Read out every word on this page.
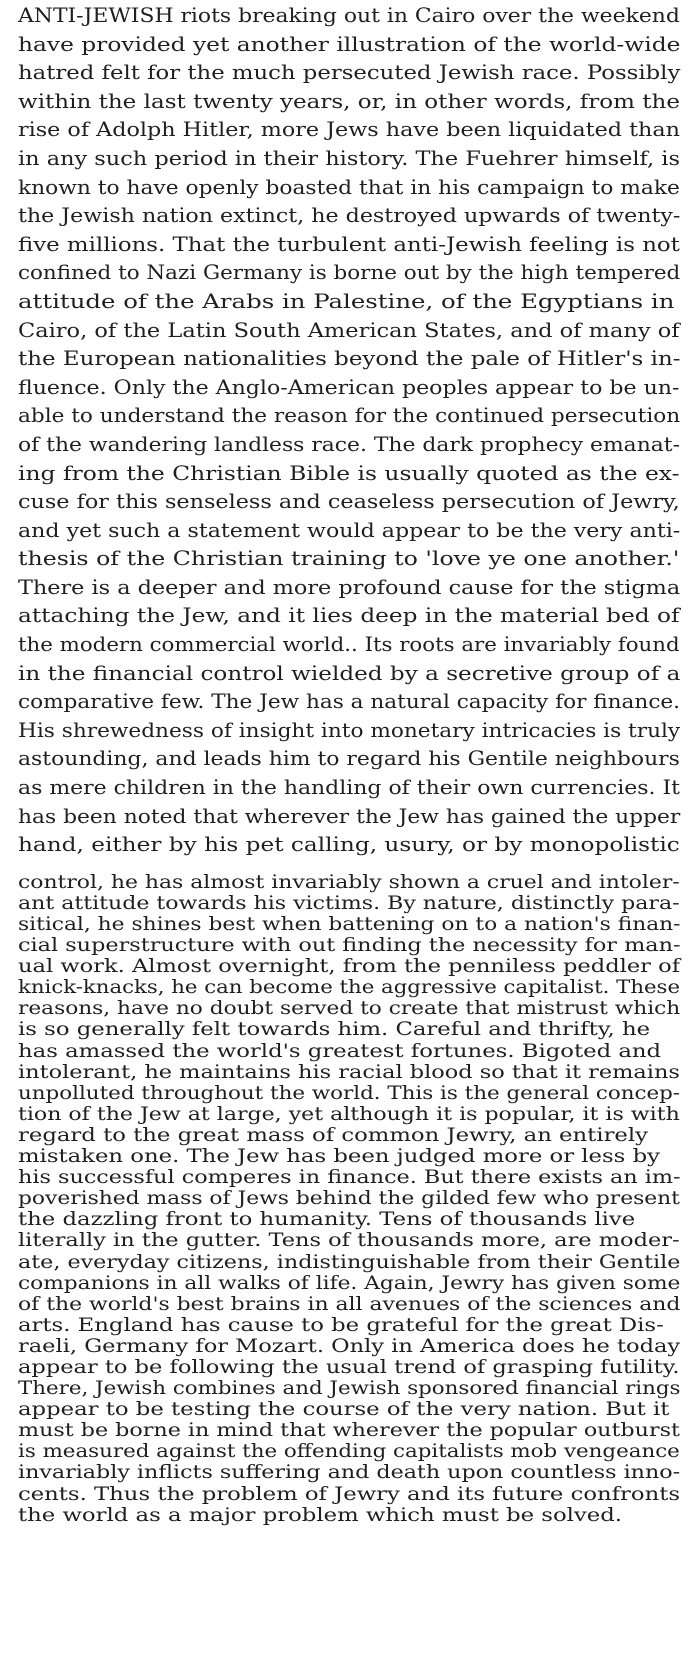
ANTI-JEWISH riots breaking out in Cairo over the weekend
have provided yet another illustration of the world-wide
hatred felt for the much persecuted Jewish race. Possibly
within the last twenty years, or, in other words, from the
rise of Adolph Hitler, more Jews have been liquidated than
in any such period in their history. The Fuehrer himself, is
known to have openly boasted that in his campaign to make
the Jewish nation extinct, he destroyed upwards of twenty-
five millions. That the turbulent anti-Jewish feeling is not
confined to Nazi Germany is borne out by the high tempered
attitude of the Arabs in Palestine, of the Egyptians in
Cairo, of the Latin South American States, and of many of
the European nationalities beyond the pale of Hitler's in-
fluence. Only the Anglo-American peoples appear to be un-
able to understand the reason for the continued persecution
of the wandering landless race. The dark prophecy emanat-
ing from the Christian Bible is usually quoted as the ex-
cuse for this senseless and ceaseless persecution of Jewry,
and yet such a statement would appear to be the very anti-
thesis of the Christian training to 'love ye one another.'
There is a deeper and more profound cause for the stigma
attaching the Jew, and it lies deep in the material bed of
the modern commercial world.. Its roots are invariably found
in the financial control wielded by a secretive group of a
comparative few. The Jew has a natural capacity for finance.
His shrewedness of insight into monetary intricacies is truly
astounding, and leads him to regard his Gentile neighbours
as mere children in the handling of their own currencies. It
has been noted that wherever the Jew has gained the upper
hand, either by his pet calling, usury, or by monopolistic
control, he has almost invariably shown a cruel and intoler-
ant attitude towards his victims. By nature, distinctly para-
sitical, he shines best when battening on to a nation's finan-
cial superstructure with out finding the necessity for man-
ual work. Almost overnight, from the penniless peddler of
knick-knacks, he can become the aggressive capitalist. These
reasons, have no doubt served to create that mistrust which
is so generally felt towards him. Careful and thrifty, he
has amassed the world's greatest fortunes. Bigoted and
intolerant, he maintains his racial blood so that it remains
unpolluted throughout the world. This is the general concep-
tion of the Jew at large, yet although it is popular, it is with
regard to the great mass of common Jewry, an entirely
mistaken one. The Jew has been judged more or less by
his successful comperes in finance. But there exists an im-
poverished mass of Jews behind the gilded few who present
the dazzling front to humanity. Tens of thousands live
literally in the gutter. Tens of thousands more, are moder-
ate, everyday citizens, indistinguishable from their Gentile
companions in all walks of life. Again, Jewry has given some
of the world's best brains in all avenues of the sciences and
arts. England has cause to be grateful for the great Dis-
raeli, Germany for Mozart. Only in America does he today
appear to be following the usual trend of grasping futility.
There, Jewish combines and Jewish sponsored financial rings
appear to be testing the course of the very nation. But it
must be borne in mind that wherever the popular outburst
is measured against the offending capitalists mob vengeance
invariably inflicts suffering and death upon countless inno-
cents. Thus the problem of Jewry and its future confronts
the world as a major problem which must be solved.
